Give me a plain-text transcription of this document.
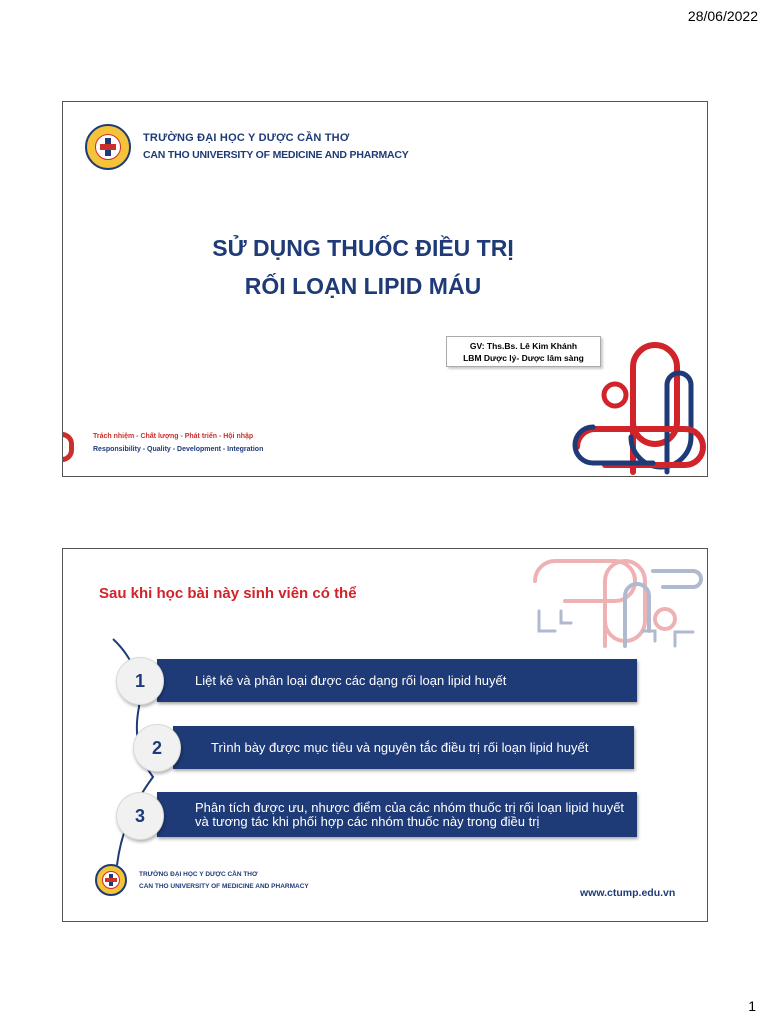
28/06/2022
TRƯỜNG ĐẠI HỌC Y DƯỢC CẦN THƠ
CAN THO UNIVERSITY OF MEDICINE AND PHARMACY
SỬ DỤNG THUỐC ĐIỀU TRỊ
RỐI LOẠN LIPID MÁU
GV: Ths.Bs. Lê Kim Khánh
LBM Dược lý- Dược lâm sàng
Trách nhiệm - Chất lượng - Phát triển - Hội nhập
Responsibility - Quality - Development - Integration
Sau khi học bài này sinh viên có thể
Liệt kê và phân loại được các dạng rối loạn lipid huyết
1
Trình bày được mục tiêu và nguyên tắc điều trị rối loạn lipid huyết
2
Phân tích được ưu, nhược điểm của các nhóm thuốc trị rối loạn lipid huyết và tương tác khi phối hợp các nhóm thuốc này trong điều trị
3
TRƯỜNG ĐẠI HỌC Y DƯỢC CẦN THƠ
CAN THO UNIVERSITY OF MEDICINE AND PHARMACY
www.ctump.edu.vn
1
